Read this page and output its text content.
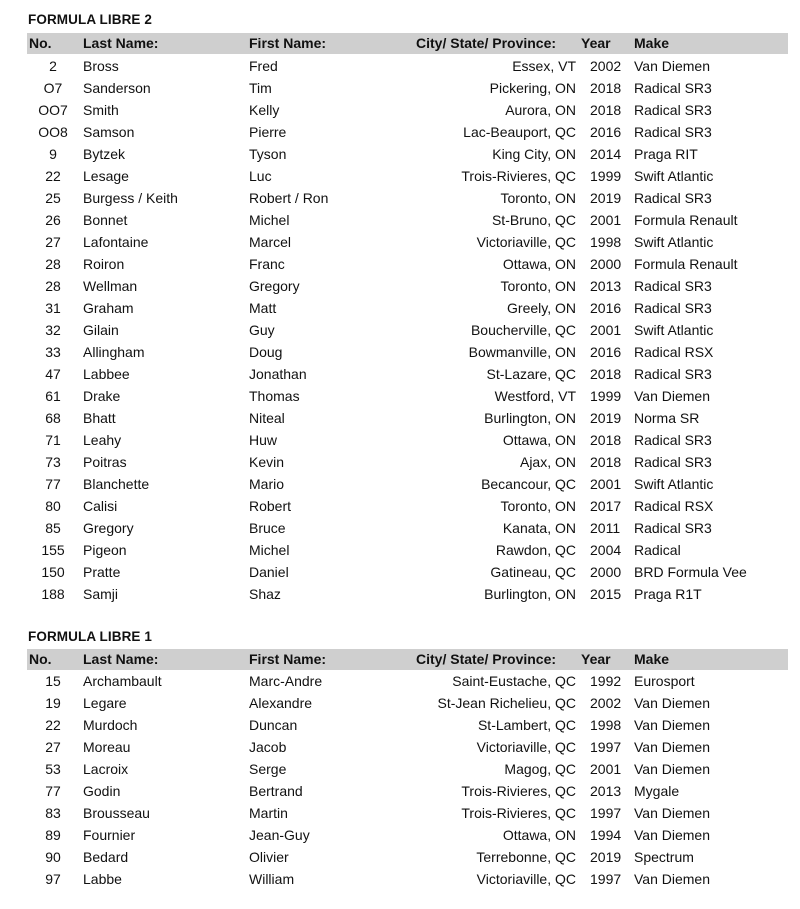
FORMULA LIBRE 2
No. Last Name:	First Name:	City/ State/ Province: Year Make
2	Bross	Fred	Essex, VT 2002 Van Diemen
O7	Sanderson	Tim	Pickering, ON 2018 Radical SR3
OO7	Smith	Kelly	Aurora, ON 2018 Radical SR3
OO8	Samson	Pierre	Lac-Beauport, QC 2016 Radical SR3
9	Bytzek	Tyson	King City, ON 2014 Praga RIT
22	Lesage	Luc	Trois-Rivieres, QC 1999 Swift Atlantic
25	Burgess / Keith	Robert / Ron	Toronto, ON 2019 Radical SR3
26	Bonnet	Michel	St-Bruno, QC 2001 Formula Renault
27	Lafontaine	Marcel	Victoriaville, QC 1998 Swift Atlantic
28	Roiron	Franc	Ottawa, ON 2000 Formula Renault
28	Wellman	Gregory	Toronto, ON 2013 Radical SR3
31	Graham	Matt	Greely, ON 2016 Radical SR3
32	Gilain	Guy	Boucherville, QC 2001 Swift Atlantic
33	Allingham	Doug	Bowmanville, ON 2016 Radical RSX
47	Labbee	Jonathan	St-Lazare, QC 2018 Radical SR3
61	Drake	Thomas	Westford, VT 1999 Van Diemen
68	Bhatt	Niteal	Burlington, ON 2019 Norma SR
71	Leahy	Huw	Ottawa, ON 2018 Radical SR3
73	Poitras	Kevin	Ajax, ON 2018 Radical SR3
77	Blanchette	Mario	Becancour, QC 2001 Swift Atlantic
80	Calisi	Robert	Toronto, ON 2017 Radical RSX
85	Gregory	Bruce	Kanata, ON 2011 Radical SR3
155	Pigeon	Michel	Rawdon, QC 2004 Radical
150	Pratte	Daniel	Gatineau, QC 2000 BRD Formula Vee
188	Samji	Shaz	Burlington, ON 2015 Praga R1T
FORMULA LIBRE 1
No. Last Name:	First Name:	City/ State/ Province: Year Make
15	Archambault	Marc-Andre	Saint-Eustache, QC 1992 Eurosport
19	Legare	Alexandre	St-Jean Richelieu, QC 2002 Van Diemen
22	Murdoch	Duncan	St-Lambert, QC 1998 Van Diemen
27	Moreau	Jacob	Victoriaville, QC 1997 Van Diemen
53	Lacroix	Serge	Magog, QC 2001 Van Diemen
77	Godin	Bertrand	Trois-Rivieres, QC 2013 Mygale
83	Brousseau	Martin	Trois-Rivieres, QC 1997 Van Diemen
89	Fournier	Jean-Guy	Ottawa, ON 1994 Van Diemen
90	Bedard	Olivier	Terrebonne, QC 2019 Spectrum
97	Labbe	William	Victoriaville, QC 1997 Van Diemen
